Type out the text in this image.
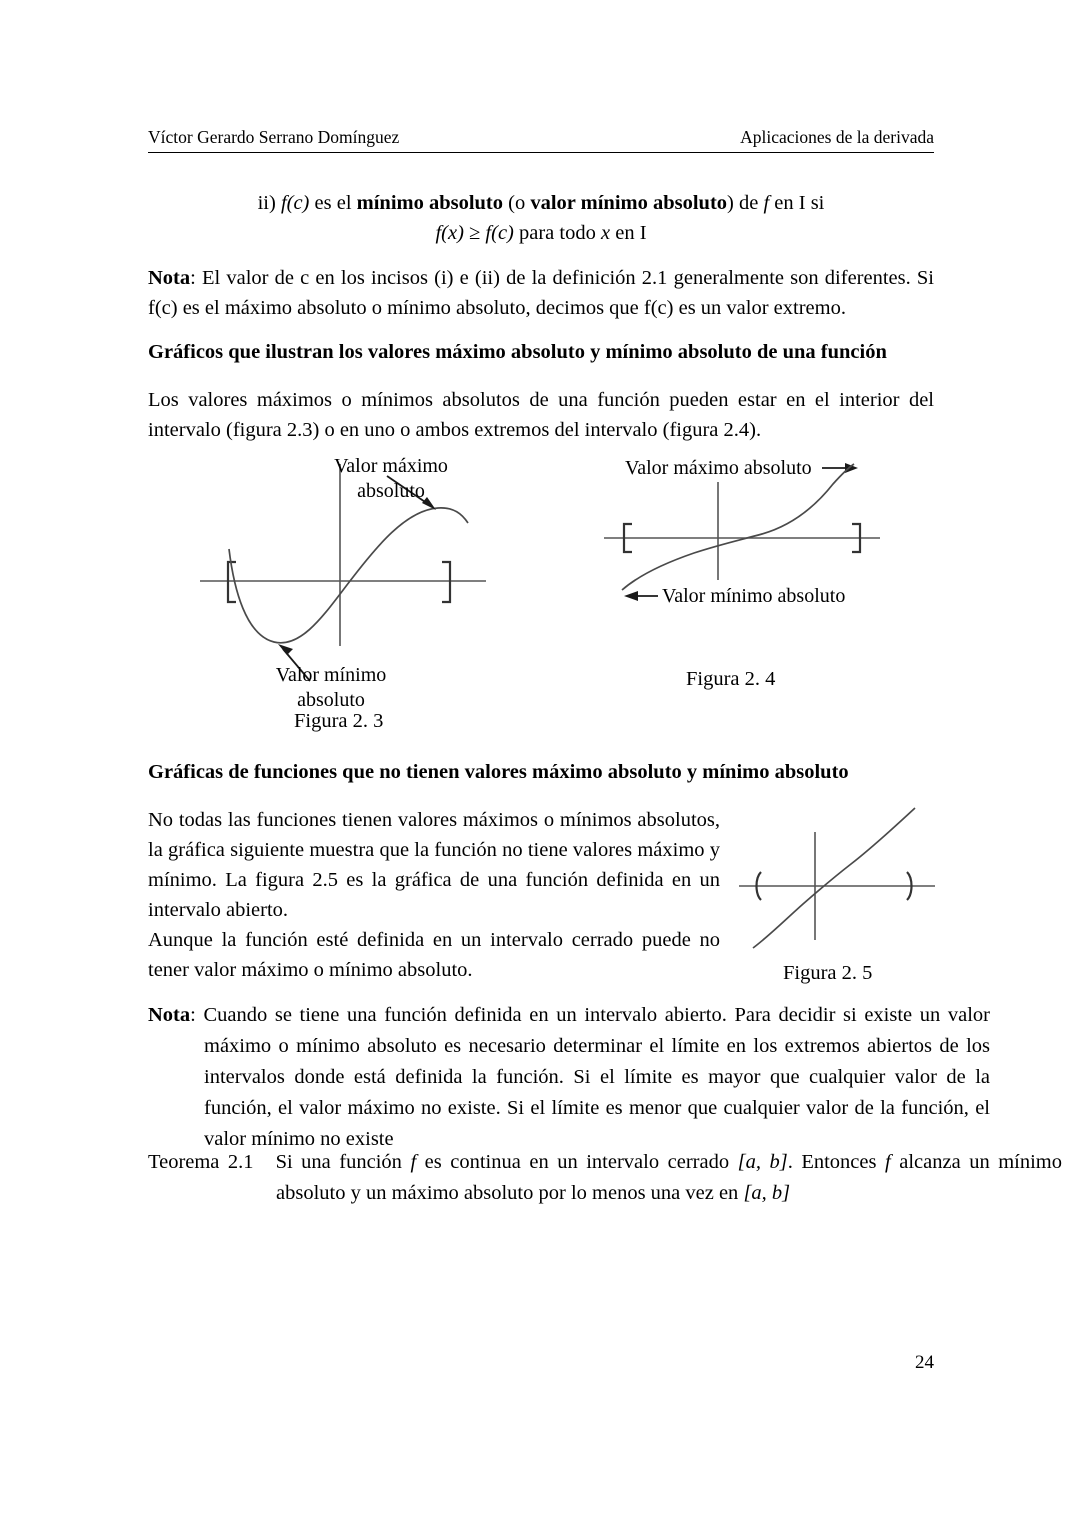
Víctor Gerardo Serrano Domínguez	Aplicaciones de la derivada
ii) f(c) es el mínimo absoluto (o valor mínimo absoluto) de f en I si
f(x) ≥ f(c) para todo x en I
Nota: El valor de c en los incisos (i) e (ii) de la definición 2.1 generalmente son diferentes. Si f(c) es el máximo absoluto o mínimo absoluto, decimos que f(c) es un valor extremo.
Gráficos que ilustran los valores máximo absoluto y mínimo absoluto de una función
Los valores máximos o mínimos absolutos de una función pueden estar en el interior del intervalo (figura 2.3) o en uno o ambos extremos del intervalo (figura 2.4).
Valor máximo
absoluto
Valor mínimo
absoluto
Figura 2. 3
Valor máximo absoluto
Valor mínimo absoluto
Figura 2. 4
Gráficas de funciones que no tienen valores máximo absoluto y mínimo absoluto
No todas las funciones tienen valores máximos o mínimos absolutos, la gráfica siguiente muestra que la función no tiene valores máximo y mínimo. La figura 2.5 es la gráfica de una función definida en un intervalo abierto.
Aunque la función esté definida en un intervalo cerrado puede no tener valor máximo o mínimo absoluto.	Figura 2. 5
Nota: Cuando se tiene una función definida en un intervalo abierto. Para decidir si existe un valor máximo o mínimo absoluto es necesario determinar el límite en los extremos abiertos de los intervalos donde está definida la función. Si el límite es mayor que cualquier valor de la función, el valor máximo no existe. Si el límite es menor que cualquier valor de la función, el valor mínimo no existe
Teorema 2.1 Si una función f es continua en un intervalo cerrado [a, b]. Entonces f alcanza un mínimo absoluto y un máximo absoluto por lo menos una vez en [a, b]
24
